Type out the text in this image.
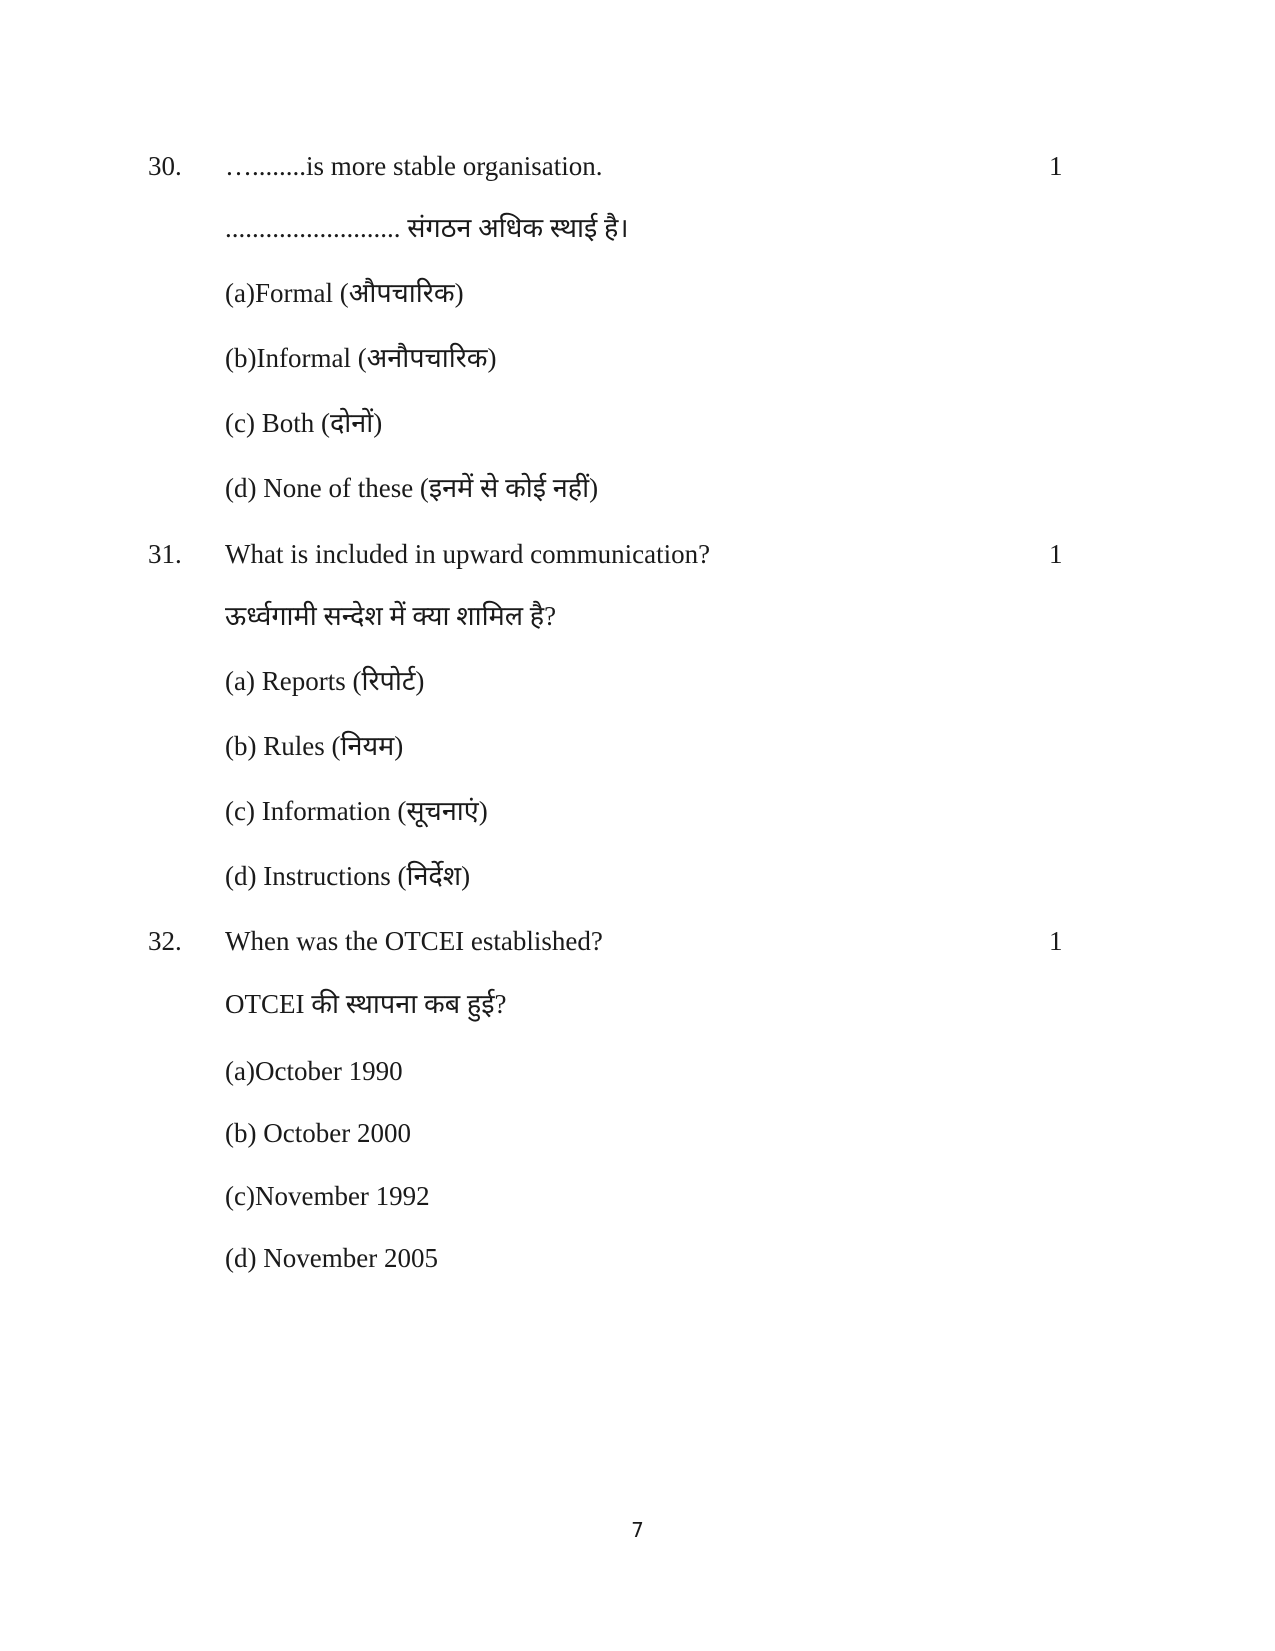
30. …........is more stable organisation.	1
.......................... संगठन अधिक स्थाई है।
(a)Formal (औपचारिक)
(b)Informal (अनौपचारिक)
(c) Both (दोनों)
(d) None of these (इनमें से कोई नहीं)
31. What is included in upward communication?	1
ऊर्ध्वगामी सन्देश में क्या शामिल है?
(a) Reports (रिपोर्ट)
(b) Rules (नियम)
(c) Information (सूचनाएं)
(d) Instructions (निर्देश)
32. When was the OTCEI established?	1
OTCEI की स्थापना कब हुई?
(a)October 1990
(b) October 2000
(c)November 1992
(d) November 2005
7
